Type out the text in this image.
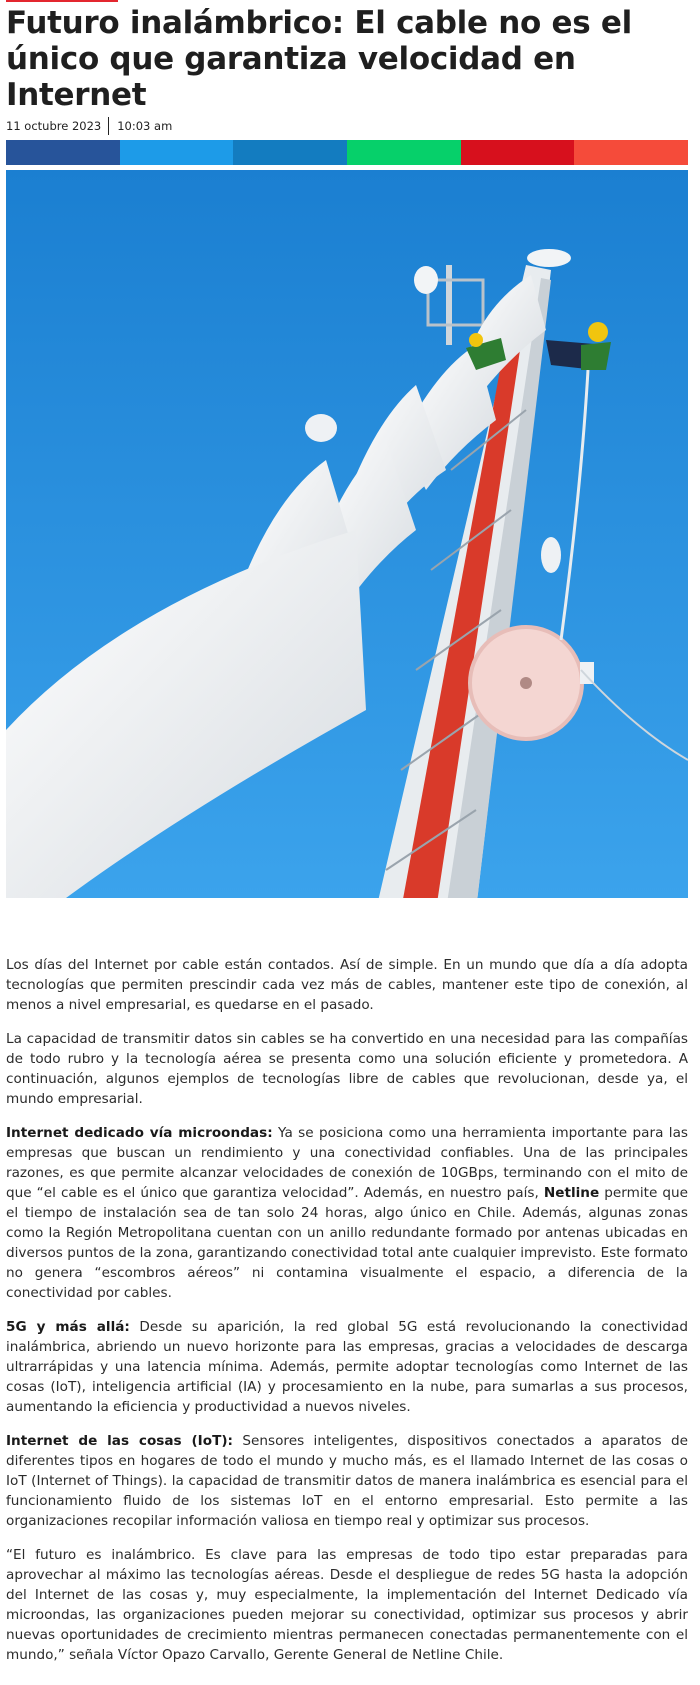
Futuro inalámbrico: El cable no es el único que garantiza velocidad en Internet
11 octubre 2023 10:03 am

Los días del Internet por cable están contados. Así de simple. En un mundo que día a día adopta tecnologías que permiten prescindir cada vez más de cables, mantener este tipo de conexión, al menos a nivel empresarial, es quedarse en el pasado.

La capacidad de transmitir datos sin cables se ha convertido en una necesidad para las compañías de todo rubro y la tecnología aérea se presenta como una solución eficiente y prometedora. A continuación, algunos ejemplos de tecnologías libre de cables que revolucionan, desde ya, el mundo empresarial.

Internet dedicado vía microondas: Ya se posiciona como una herramienta importante para las empresas que buscan un rendimiento y una conectividad confiables. Una de las principales razones, es que permite alcanzar velocidades de conexión de 10GBps, terminando con el mito de que “el cable es el único que garantiza velocidad”. Además, en nuestro país, Netline permite que el tiempo de instalación sea de tan solo 24 horas, algo único en Chile. Además, algunas zonas como la Región Metropolitana cuentan con un anillo redundante formado por antenas ubicadas en diversos puntos de la zona, garantizando conectividad total ante cualquier imprevisto. Este formato no genera “escombros aéreos” ni contamina visualmente el espacio, a diferencia de la conectividad por cables.

5G y más allá: Desde su aparición, la red global 5G está revolucionando la conectividad inalámbrica, abriendo un nuevo horizonte para las empresas, gracias a velocidades de descarga ultrarrápidas y una latencia mínima. Además, permite adoptar tecnologías como Internet de las cosas (IoT), inteligencia artificial (IA) y procesamiento en la nube, para sumarlas a sus procesos, aumentando la eficiencia y productividad a nuevos niveles.

Internet de las cosas (IoT): Sensores inteligentes, dispositivos conectados a aparatos de diferentes tipos en hogares de todo el mundo y mucho más, es el llamado Internet de las cosas o IoT (Internet of Things). la capacidad de transmitir datos de manera inalámbrica es esencial para el funcionamiento fluido de los sistemas IoT en el entorno empresarial. Esto permite a las organizaciones recopilar información valiosa en tiempo real y optimizar sus procesos.

“El futuro es inalámbrico. Es clave para las empresas de todo tipo estar preparadas para aprovechar al máximo las tecnologías aéreas. Desde el despliegue de redes 5G hasta la adopción del Internet de las cosas y, muy especialmente, la implementación del Internet Dedicado vía microondas, las organizaciones pueden mejorar su conectividad, optimizar sus procesos y abrir nuevas oportunidades de crecimiento mientras permanecen conectadas permanentemente con el mundo,” señala Víctor Opazo Carvallo, Gerente General de Netline Chile.
